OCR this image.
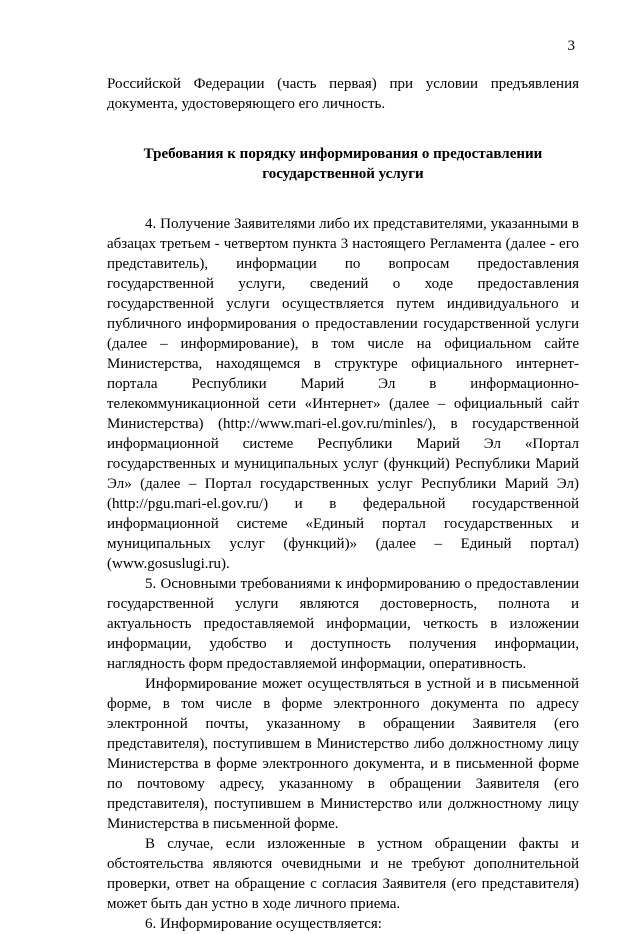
3

Российской Федерации (часть первая) при условии предъявления документа, удостоверяющего его личность.

Требования к порядку информирования о предоставлении
государственной услуги

4. Получение Заявителями либо их представителями, указанными в абзацах третьем - четвертом пункта 3 настоящего Регламента (далее - его представитель), информации по вопросам предоставления государственной услуги, сведений о ходе предоставления государственной услуги осуществляется путем индивидуального и публичного информирования о предоставлении государственной услуги (далее – информирование), в том числе на официальном сайте Министерства, находящемся в структуре официального интернет-портала Республики Марий Эл в информационно-телекоммуникационной сети «Интернет» (далее – официальный сайт Министерства) (http://www.mari-el.gov.ru/minles/), в государственной информационной системе Республики Марий Эл «Портал государственных и муниципальных услуг (функций) Республики Марий Эл» (далее – Портал государственных услуг Республики Марий Эл) (http://pgu.mari-el.gov.ru/) и в федеральной государственной информационной системе «Единый портал государственных и муниципальных услуг (функций)» (далее – Единый портал) (www.gosuslugi.ru).

5. Основными требованиями к информированию о предоставлении государственной услуги являются достоверность, полнота и актуальность предоставляемой информации, четкость в изложении информации, удобство и доступность получения информации, наглядность форм предоставляемой информации, оперативность.

Информирование может осуществляться в устной и в письменной форме, в том числе в форме электронного документа по адресу электронной почты, указанному в обращении Заявителя (его представителя), поступившем в Министерство либо должностному лицу Министерства в форме электронного документа, и в письменной форме по почтовому адресу, указанному в обращении Заявителя (его представителя), поступившем в Министерство или должностному лицу Министерства в письменной форме.

В случае, если изложенные в устном обращении факты и обстоятельства являются очевидными и не требуют дополнительной проверки, ответ на обращение с согласия Заявителя (его представителя) может быть дан устно в ходе личного приема.

6. Информирование осуществляется:
